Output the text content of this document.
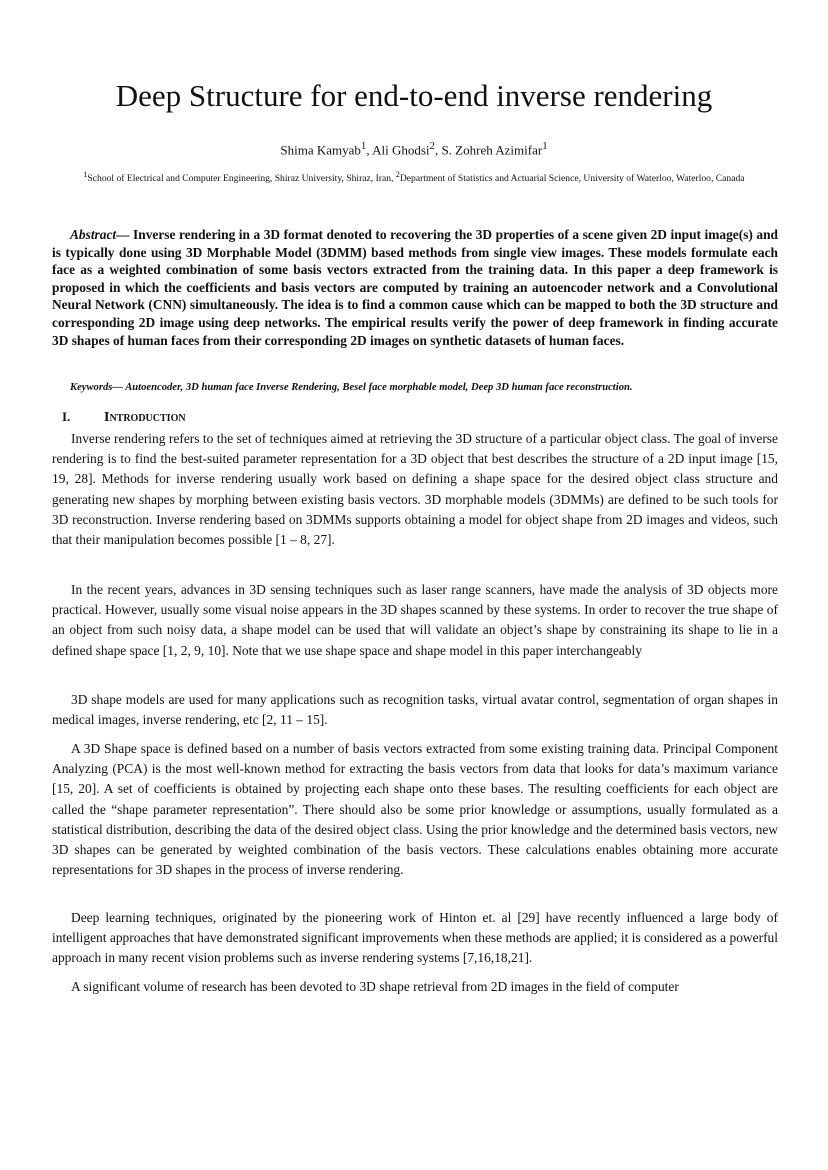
Deep Structure for end-to-end inverse rendering
Shima Kamyab$^1$, Ali Ghodsi$^2$, S. Zohreh Azimifar$^1$
$^1$School of Electrical and Computer Engineering, Shiraz University, Shiraz, Iran, $^2$Department of Statistics and Actuarial Science, University of Waterloo, Waterloo, Canada

Abstract— Inverse rendering in a 3D format denoted to recovering the 3D properties of a scene given 2D input image(s) and is typically done using 3D Morphable Model (3DMM) based methods from single view images. These models formulate each face as a weighted combination of some basis vectors extracted from the training data. In this paper a deep framework is proposed in which the coefficients and basis vectors are computed by training an autoencoder network and a Convolutional Neural Network (CNN) simultaneously. The idea is to find a common cause which can be mapped to both the 3D structure and corresponding 2D image using deep networks. The empirical results verify the power of deep framework in finding accurate 3D shapes of human faces from their corresponding 2D images on synthetic datasets of human faces.

Keywords— Autoencoder, 3D human face Inverse Rendering, Besel face morphable model, Deep 3D human face reconstruction.

I. Introduction

Inverse rendering refers to the set of techniques aimed at retrieving the 3D structure of a particular object class. The goal of inverse rendering is to find the best-suited parameter representation for a 3D object that best describes the structure of a 2D input image [15, 19, 28]. Methods for inverse rendering usually work based on defining a shape space for the desired object class structure and generating new shapes by morphing between existing basis vectors. 3D morphable models (3DMMs) are defined to be such tools for 3D reconstruction. Inverse rendering based on 3DMMs supports obtaining a model for object shape from 2D images and videos, such that their manipulation becomes possible [1 – 8, 27].

In the recent years, advances in 3D sensing techniques such as laser range scanners, have made the analysis of 3D objects more practical. However, usually some visual noise appears in the 3D shapes scanned by these systems. In order to recover the true shape of an object from such noisy data, a shape model can be used that will validate an object’s shape by constraining its shape to lie in a defined shape space [1, 2, 9, 10]. Note that we use shape space and shape model in this paper interchangeably

3D shape models are used for many applications such as recognition tasks, virtual avatar control, segmentation of organ shapes in medical images, inverse rendering, etc [2, 11 – 15].

A 3D Shape space is defined based on a number of basis vectors extracted from some existing training data. Principal Component Analyzing (PCA) is the most well-known method for extracting the basis vectors from data that looks for data’s maximum variance [15, 20]. A set of coefficients is obtained by projecting each shape onto these bases. The resulting coefficients for each object are called the “shape parameter representation”. There should also be some prior knowledge or assumptions, usually formulated as a statistical distribution, describing the data of the desired object class. Using the prior knowledge and the determined basis vectors, new 3D shapes can be generated by weighted combination of the basis vectors. These calculations enables obtaining more accurate representations for 3D shapes in the process of inverse rendering.

Deep learning techniques, originated by the pioneering work of Hinton et. al [29] have recently influenced a large body of intelligent approaches that have demonstrated significant improvements when these methods are applied; it is considered as a powerful approach in many recent vision problems such as inverse rendering systems [7,16,18,21].

A significant volume of research has been devoted to 3D shape retrieval from 2D images in the field of computer
